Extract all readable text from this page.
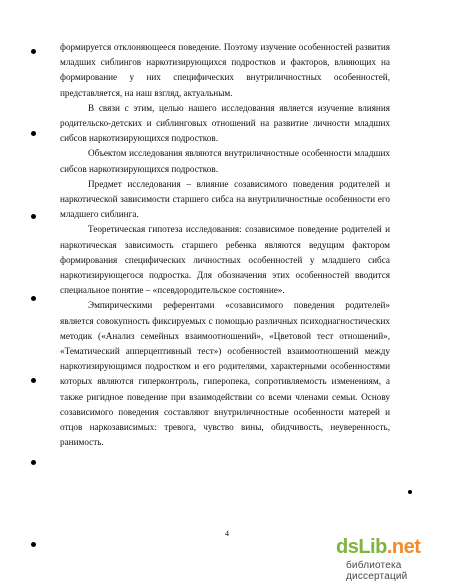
формируется отклоняющееся поведение. Поэтому изучение особенностей развития младших сиблингов наркотизирующихся подростков и факторов, влияющих на формирование у них специфических внутриличностных особенностей, представляется, на наш взгляд, актуальным.

В связи с этим, целью нашего исследования является изучение влияния родительско-детских и сиблинговых отношений на развитие личности младших сибсов наркотизирующихся подростков.

Объектом исследования являются внутриличностные особенности младших сибсов наркотизирующихся подростков.

Предмет исследования – влияние созависимого поведения родителей и наркотической зависимости старшего сибса на внутриличностные особенности его младшего сиблинга.

Теоретическая гипотеза исследования: созависимое поведение родителей и наркотическая зависимость старшего ребенка являются ведущим фактором формирования специфических личностных особенностей у младшего сибса наркотизирующегося подростка. Для обозначения этих особенностей вводится специальное понятие – «псевдородительское состояние».

Эмпирическими референтами «созависимого поведения родителей» является совокупность фиксируемых с помощью различных психодиагностических методик («Анализ семейных взаимоотношений», «Цветовой тест отношений», «Тематический апперцептивный тест») особенностей взаимоотношений между наркотизирующимся подростком и его родителями, характерными особенностями которых являются гиперконтроль, гиперопека, сопротивляемость изменениям, а также ригидное поведение при взаимодействии со всеми членами семьи. Основу созависимого поведения составляют внутриличностные особенности матерей и отцов наркозависимых: тревога, чувство вины, обидчивость, неуверенность, ранимость.

4
dsLib.net
библиотека диссертаций
